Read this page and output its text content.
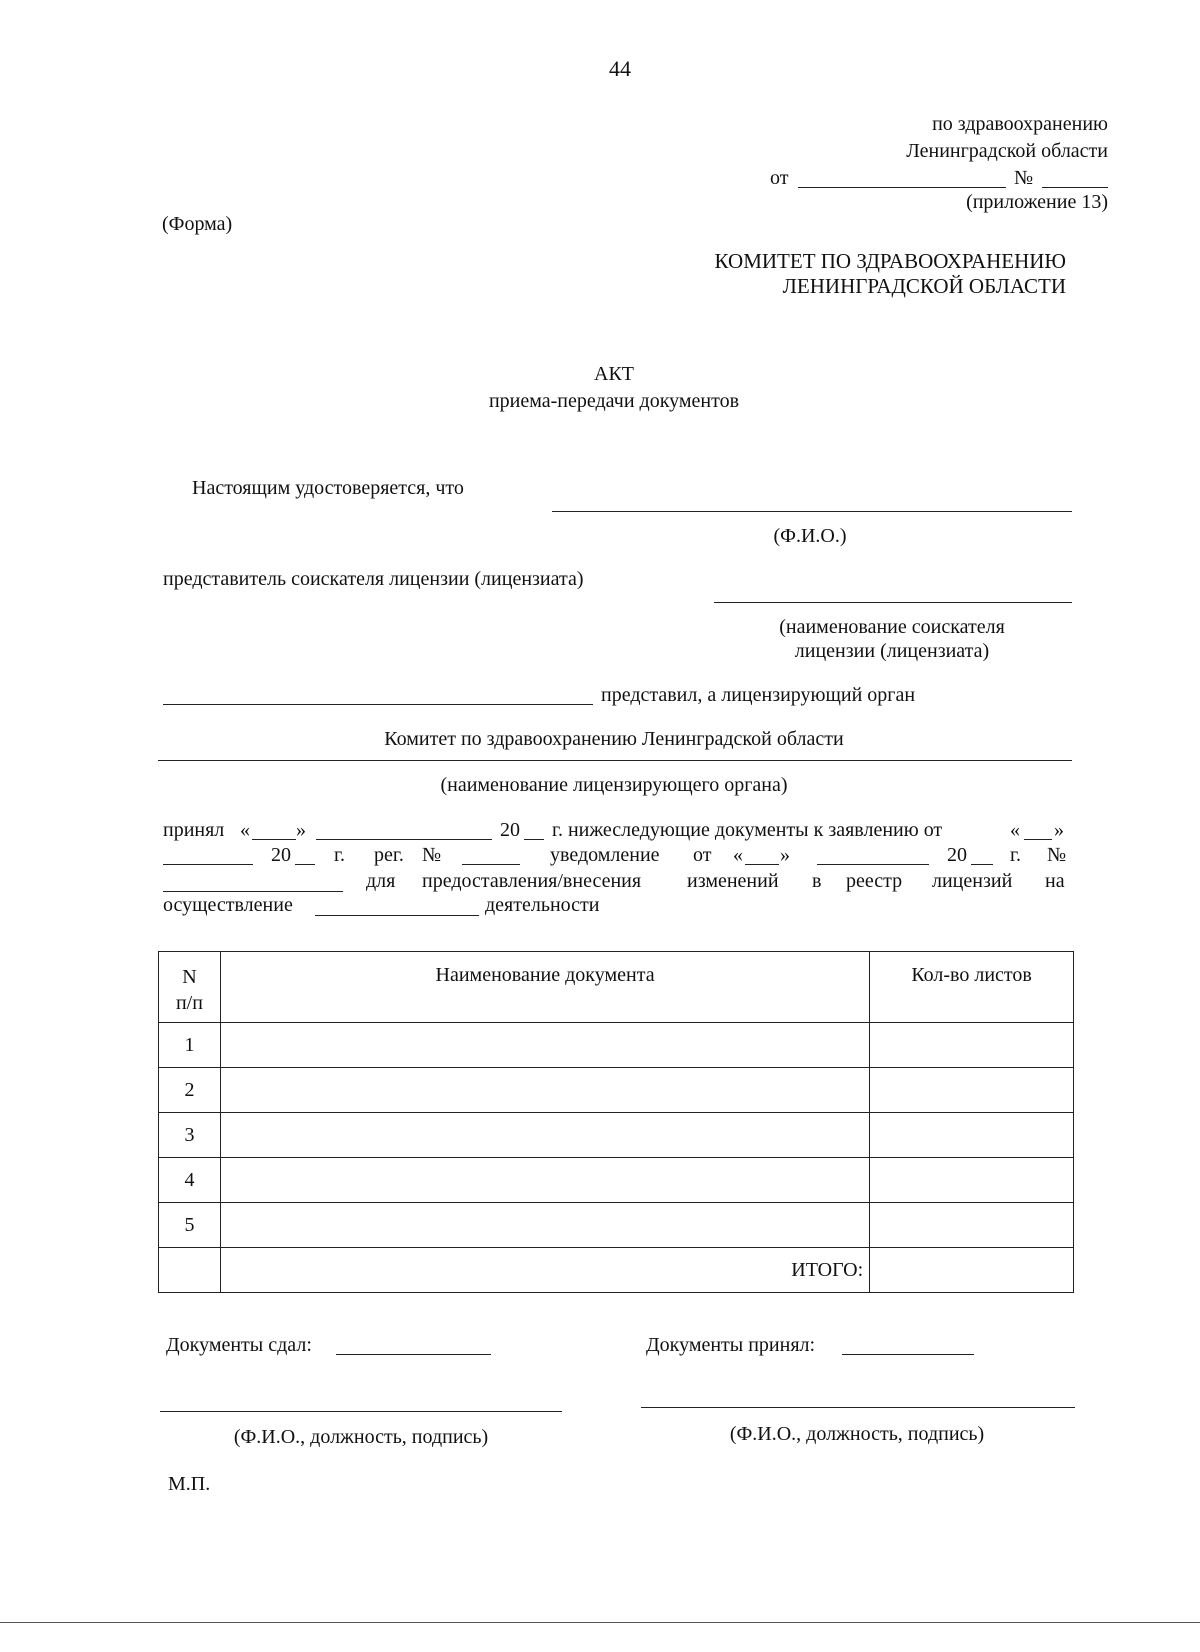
44
по здравоохранению
Ленинградской области
от	№
(приложение 13)
(Форма)
КОМИТЕТ ПО ЗДРАВООХРАНЕНИЮ
ЛЕНИНГРАДСКОЙ ОБЛАСТИ
АКТ
приема-передачи документов
Настоящим удостоверяется, что
(Ф.И.О.)
представитель соискателя лицензии (лицензиата)
(наименование соискателя
лицензии (лицензиата)
представил, а лицензирующий орган
Комитет по здравоохранению Ленинградской области
(наименование лицензирующего органа)
принял « »	20 г. нижеследующие документы к заявлению от	« »
20 г. рег. №	уведомление от « »	20 г. №
для предоставления/внесения изменений в реестр лицензий на
осуществление	деятельности
N
п/п	Наименование документа	Кол-во листов
1		
2		
3		
4		
5		
	ИТОГО:	
Документы сдал:	Документы принял:
(Ф.И.О., должность, подпись)	(Ф.И.О., должность, подпись)
М.П.
